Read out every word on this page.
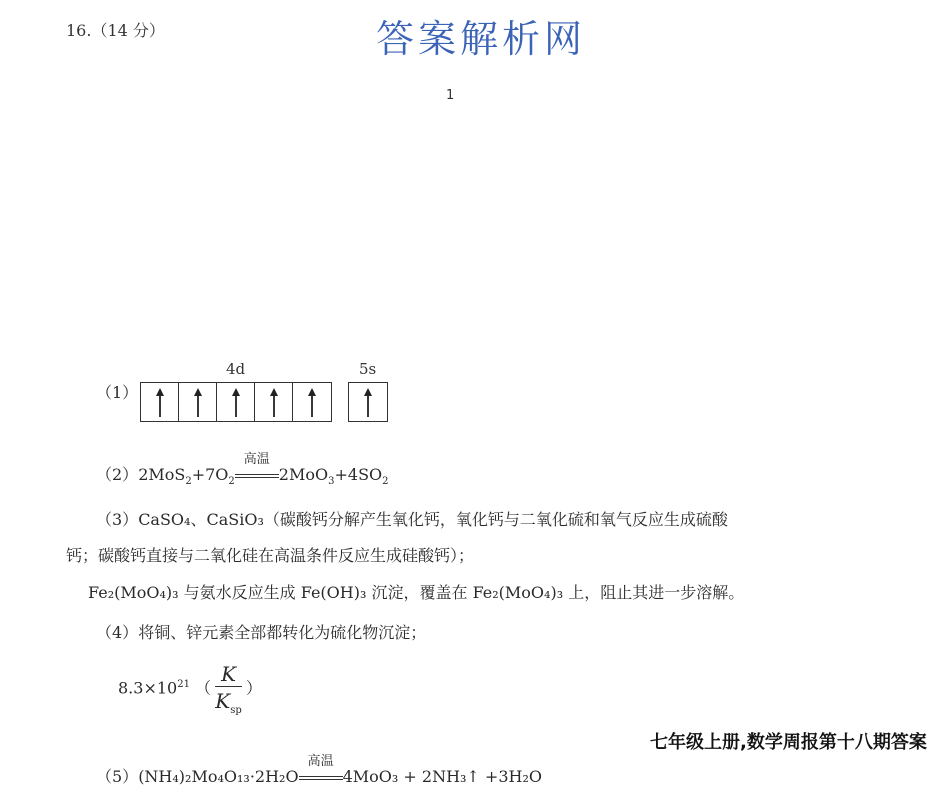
16.（14 分）	答案解析网
1
（1）
4d	5s
$(2)2MoS_2+7O_2$
高温
$2MoO_3+4SO_2$
（3）CaSO₄、CaSiO₃（碳酸钙分解产生氧化钙，氧化钙与二氧化硫和氧气反应生成硫酸
钙；碳酸钙直接与二氧化硅在高温条件反应生成硅酸钙）；
Fe₂(MoO₄)₃ 与氨水反应生成 Fe(OH)₃ 沉淀，覆盖在 Fe₂(MoO₄)₃ 上，阻止其进一步溶解。
（4）将铜、锌元素全部都转化为硫化物沉淀；
$8.3\times 10^{21}$ （ $\frac{K}{K_{sp}}$ ）
（5）(NH₄)₂Mo₄O₁₃·2H₂O
高温
4MoO₃ + 2NH₃↑ +3H₂O
七年级上册,数学周报第十八期答案
